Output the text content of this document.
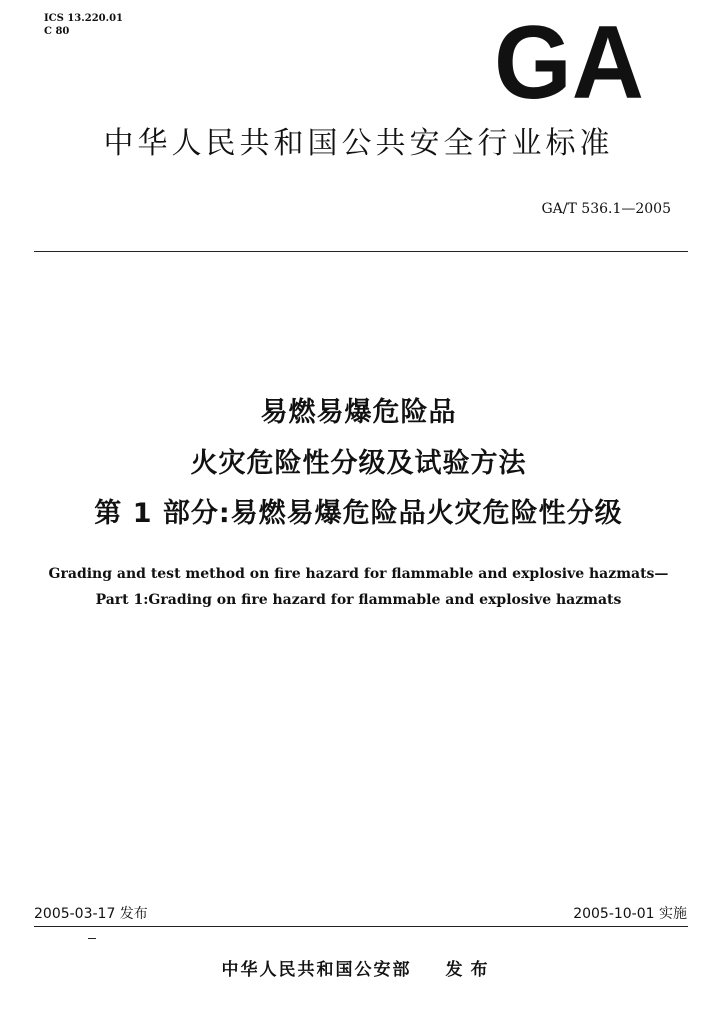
ICS 13.220.01
C 80	GA
中华人民共和国公共安全行业标准
GA/T 536.1—2005
易燃易爆危险品
火灾危险性分级及试验方法
第 1 部分:易燃易爆危险品火灾危险性分级
Grading and test method on fire hazard for flammable and explosive hazmats—
Part 1:Grading on fire hazard for flammable and explosive hazmats
2005-03-17 发布	2005-10-01 实施
中华人民共和国公安部 发布
